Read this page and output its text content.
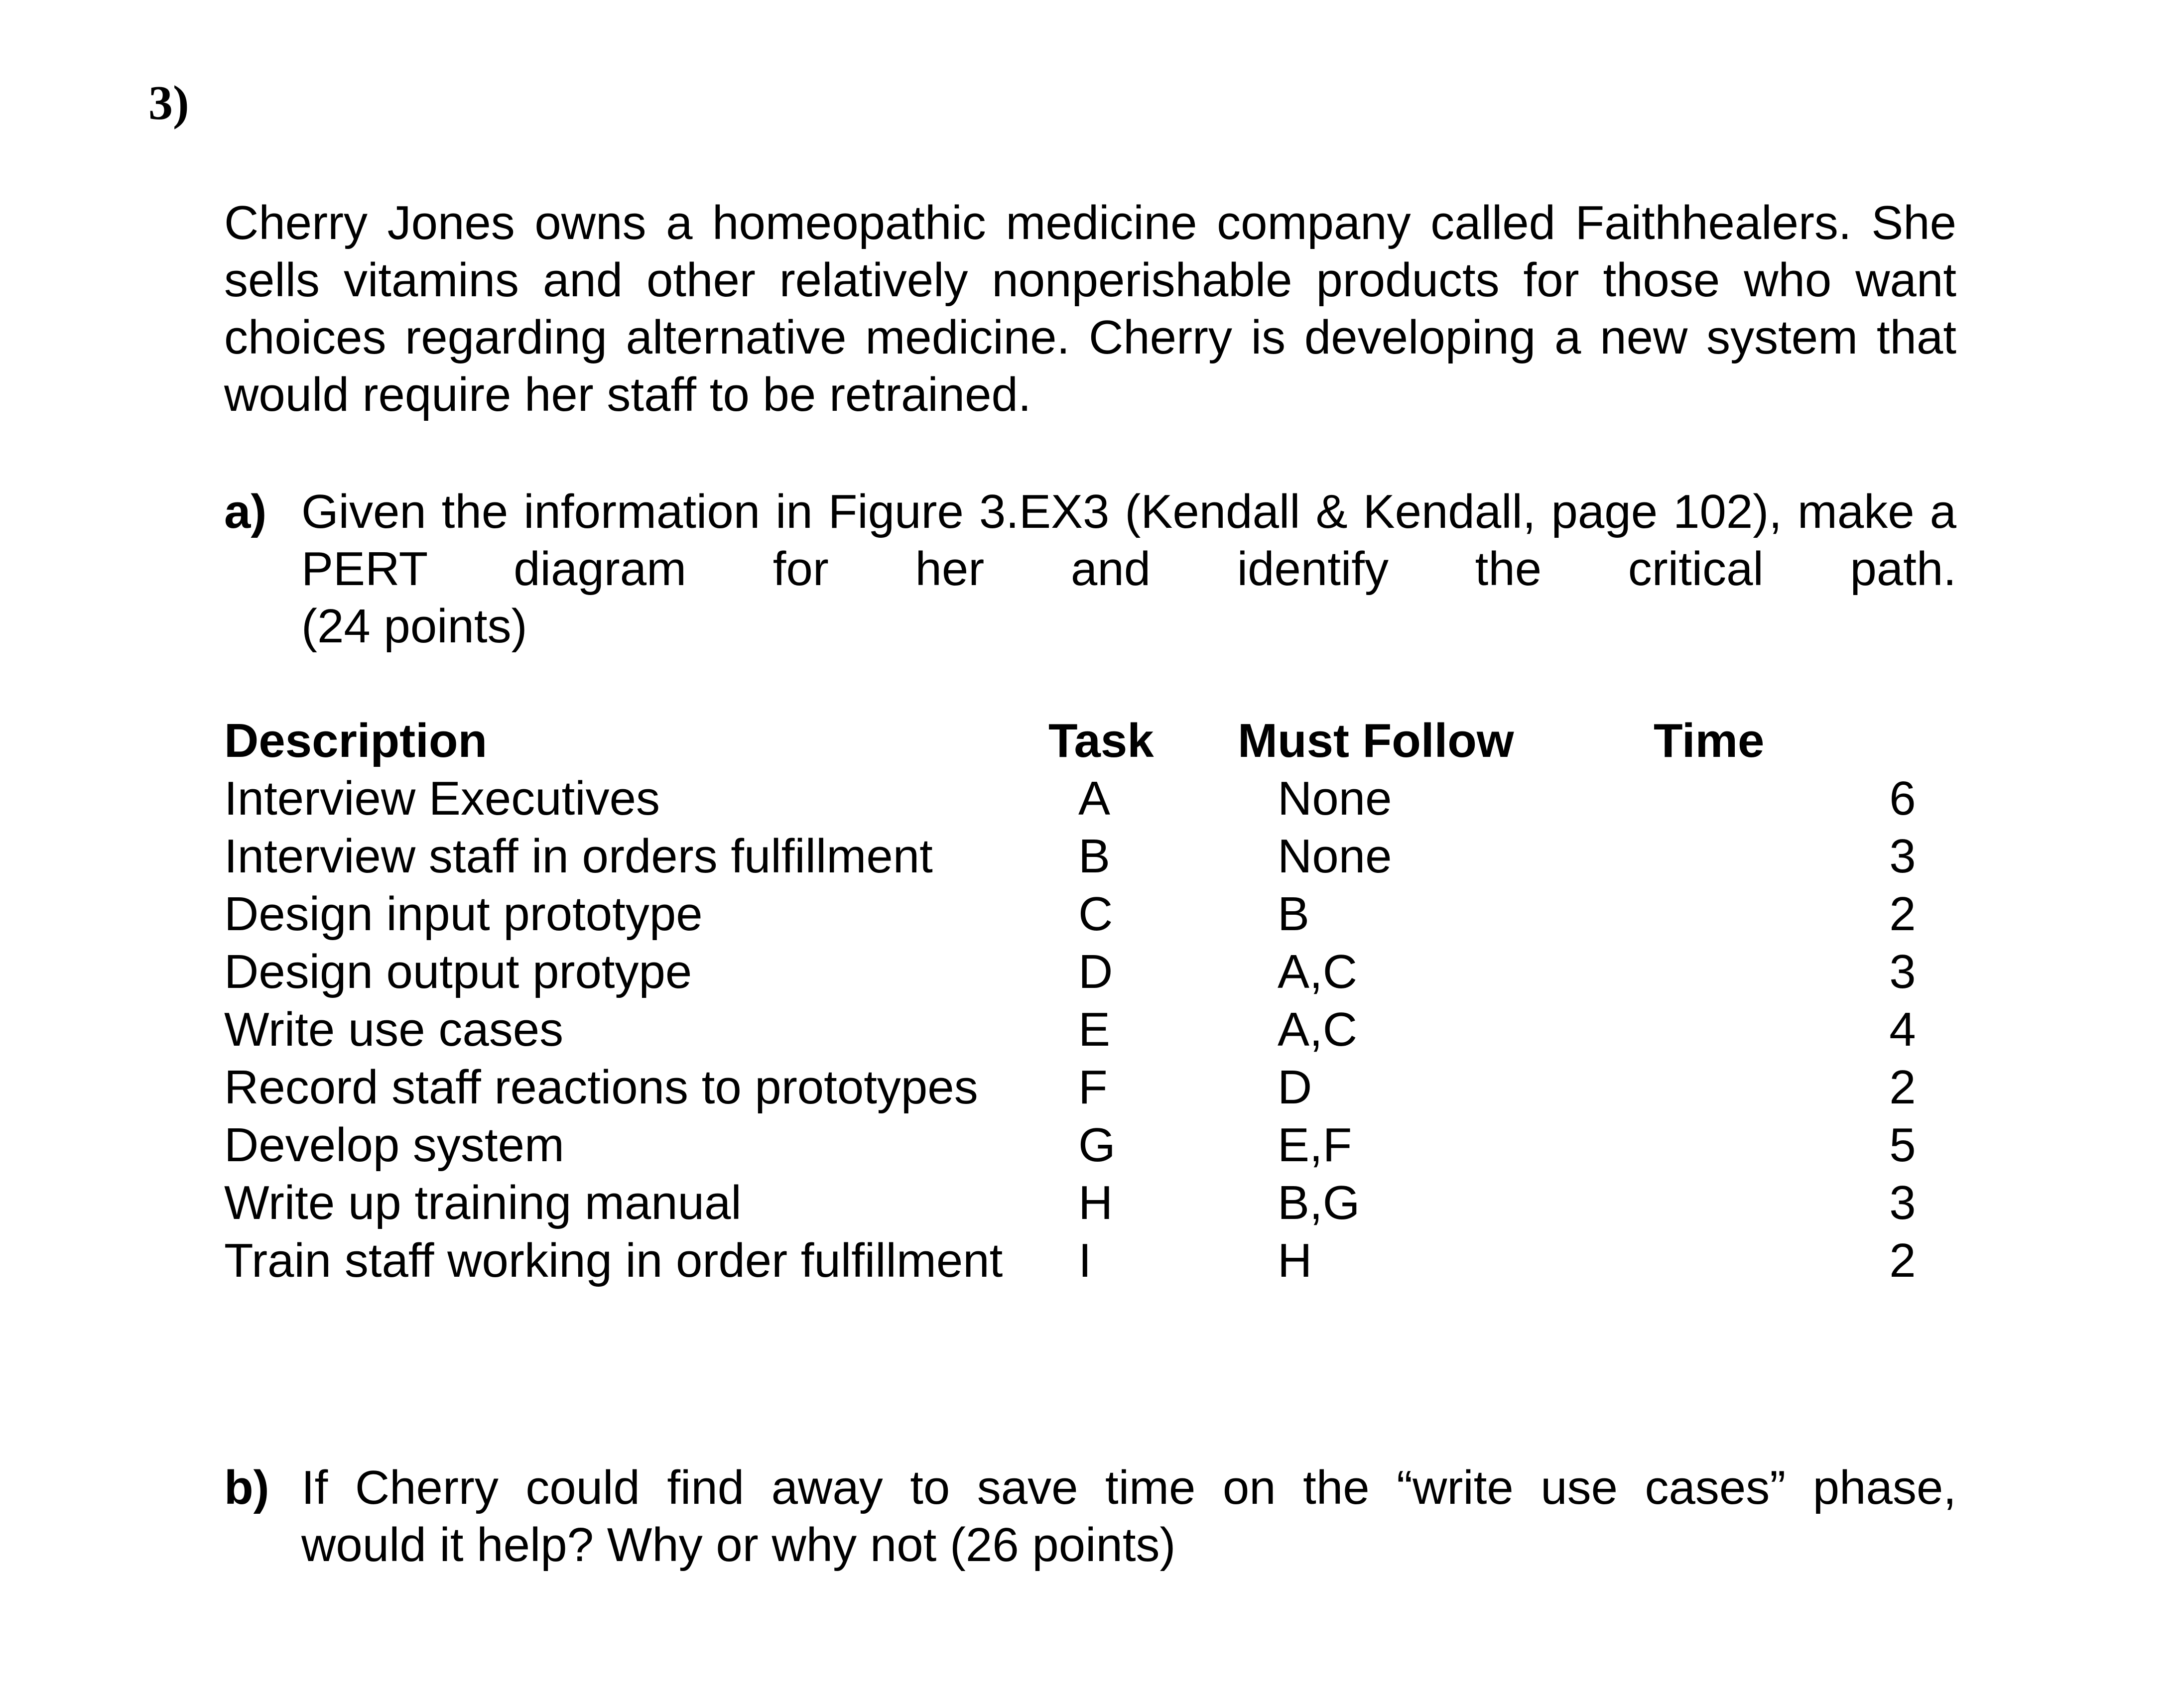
3)

Cherry Jones owns a homeopathic medicine company called Faithhealers. She sells vitamins and other relatively nonperishable products for those who want choices regarding alternative medicine. Cherry is developing a new system that would require her staff to be retrained.

a) Given the information in Figure 3.EX3 (Kendall & Kendall, page 102), make a PERT diagram for her and identify the critical path.
(24 points)

Description	Task Must Follow	Time
Interview Executives	A	None	6
Interview staff in orders fulfillment	B	None	3
Design input prototype	C	B	2
Design output protype	D	A,C	3
Write use cases	E	A,C	4
Record staff reactions to prototypes F	D	2
Develop system	G	E,F	5
Write up training manual	H	B,G	3
Train staff working in order fulfillment I	H	2
b) If Cherry could find away to save time on the “write use cases” phase,
would it help? Why or why not (26 points)
